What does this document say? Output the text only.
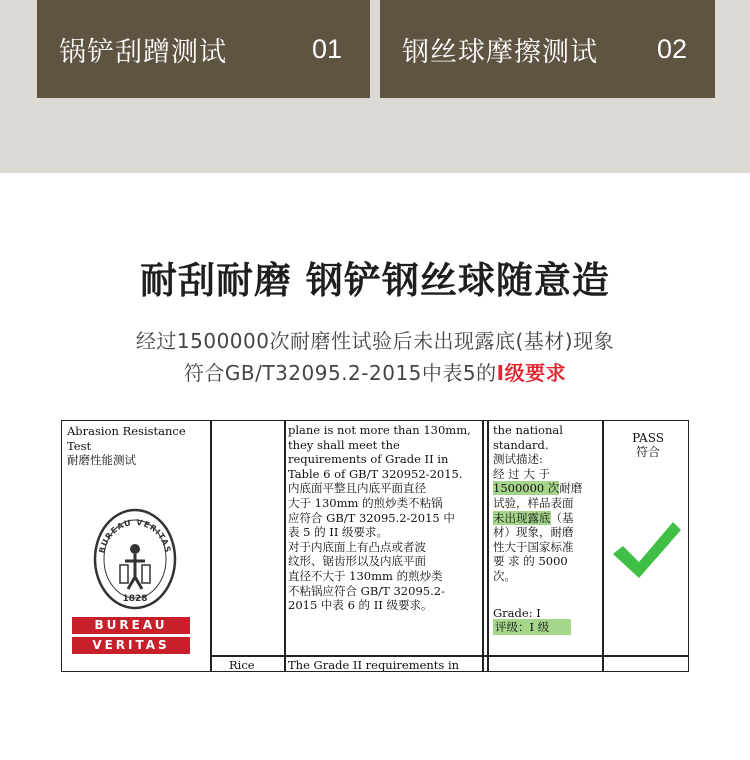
锅铲刮蹭测试	01 钢丝球摩擦测试 02
耐刮耐磨 钢铲钢丝球随意造
经过1500000次耐磨性试验后未出现露底(基材)现象
符合GB/T32095.2-2015中表5的I级要求
Abrasion Resistance
Test
耐磨性能测试
BUREAU VERITAS
1828
BUREAU
VERITAS
plane is not more than 130mm,
they shall meet the
requirements of Grade II in
Table 6 of GB/T 320952-2015.
内底面平整且内底平面直径
大于 130mm 的煎炒类不粘锅
应符合 GB/T 32095.2-2015 中
表 5 的 II 级要求。
对于内底面上有凸点或者波
纹形、锯齿形以及内底平面
直径不大于 130mm 的煎炒类
不粘锅应符合 GB/T 32095.2-
2015 中表 6 的 II 级要求。
the national
standard.
测试描述:
经 过 大 于
1500000 次耐磨
试验，样品表面
未出现露底（基
材）现象，耐磨
性大于国家标准
要 求 的 5000
次。
Grade: I
评级：I 级
PASS
符合
Rice	The Grade II requirements in
